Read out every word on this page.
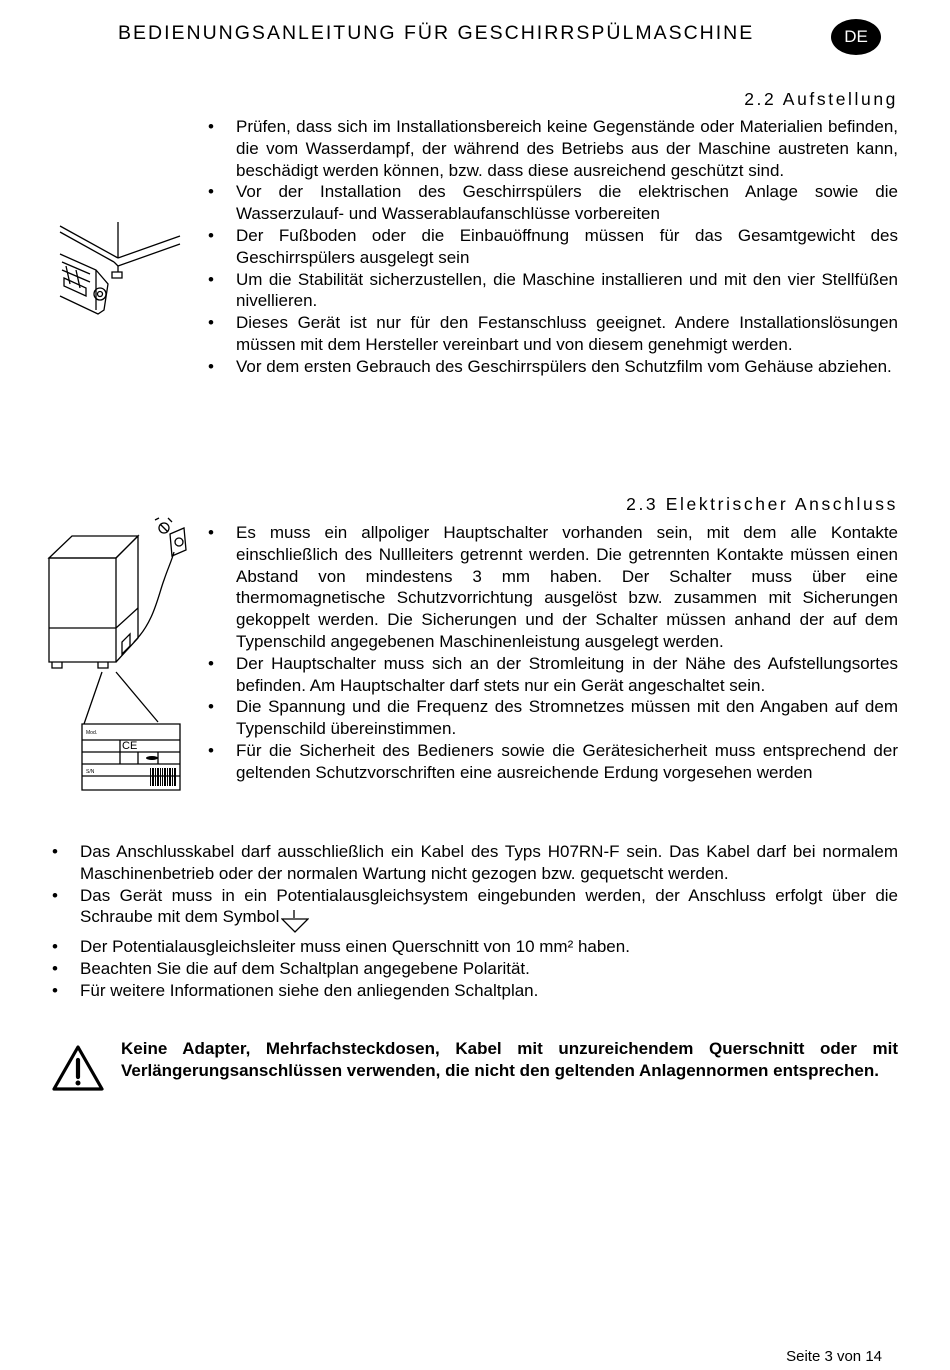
BEDIENUNGSANLEITUNG FÜR GESCHIRRSPÜLMASCHINE	DE
2.2 Aufstellung
• Prüfen, dass sich im Installationsbereich keine Gegenstände oder Materialien befinden, die vom Wasserdampf, der während des Betriebs aus der Maschine austreten kann, beschädigt werden können, bzw. dass diese ausreichend geschützt sind.
• Vor der Installation des Geschirrspülers die elektrischen Anlage sowie die Wasserzulauf- und Wasserablaufanschlüsse vorbereiten
• Der Fußboden oder die Einbauöffnung müssen für das Gesamtgewicht des Geschirrspülers ausgelegt sein
• Um die Stabilität sicherzustellen, die Maschine installieren und mit den vier Stellfüßen nivellieren.
• Dieses Gerät ist nur für den Festanschluss geeignet. Andere Installationslösungen müssen mit dem Hersteller vereinbart und von diesem genehmigt werden.
• Vor dem ersten Gebrauch des Geschirrspülers den Schutzfilm vom Gehäuse abziehen.
2.3 Elektrischer Anschluss
Mod.
CE
S/N
• Es muss ein allpoliger Hauptschalter vorhanden sein, mit dem alle Kontakte einschließlich des Nullleiters getrennt werden. Die getrennten Kontakte müssen einen Abstand von mindestens 3 mm haben. Der Schalter muss über eine thermomagnetische Schutzvorrichtung ausgelöst bzw. zusammen mit Sicherungen gekoppelt werden. Die Sicherungen und der Schalter müssen anhand der auf dem Typenschild angegebenen Maschinenleistung ausgelegt werden.
• Der Hauptschalter muss sich an der Stromleitung in der Nähe des Aufstellungsortes befinden. Am Hauptschalter darf stets nur ein Gerät angeschaltet sein.
• Die Spannung und die Frequenz des Stromnetzes müssen mit den Angaben auf dem Typenschild übereinstimmen.
• Für die Sicherheit des Bedieners sowie die Gerätesicherheit muss entsprechend der geltenden Schutzvorschriften eine ausreichende Erdung vorgesehen werden
• Das Anschlusskabel darf ausschließlich ein Kabel des Typs H07RN-F sein. Das Kabel darf bei normalem Maschinenbetrieb oder der normalen Wartung nicht gezogen bzw. gequetscht werden.
• Das Gerät muss in ein Potentialausgleichsystem eingebunden werden, der Anschluss erfolgt über die Schraube mit dem Symbol
• Der Potentialausgleichsleiter muss einen Querschnitt von 10 mm² haben.
• Beachten Sie die auf dem Schaltplan angegebene Polarität.
• Für weitere Informationen siehe den anliegenden Schaltplan.
Keine Adapter, Mehrfachsteckdosen, Kabel mit unzureichendem Querschnitt oder mit Verlängerungsanschlüssen verwenden, die nicht den geltenden Anlagennormen entsprechen.
Seite 3 von 14
